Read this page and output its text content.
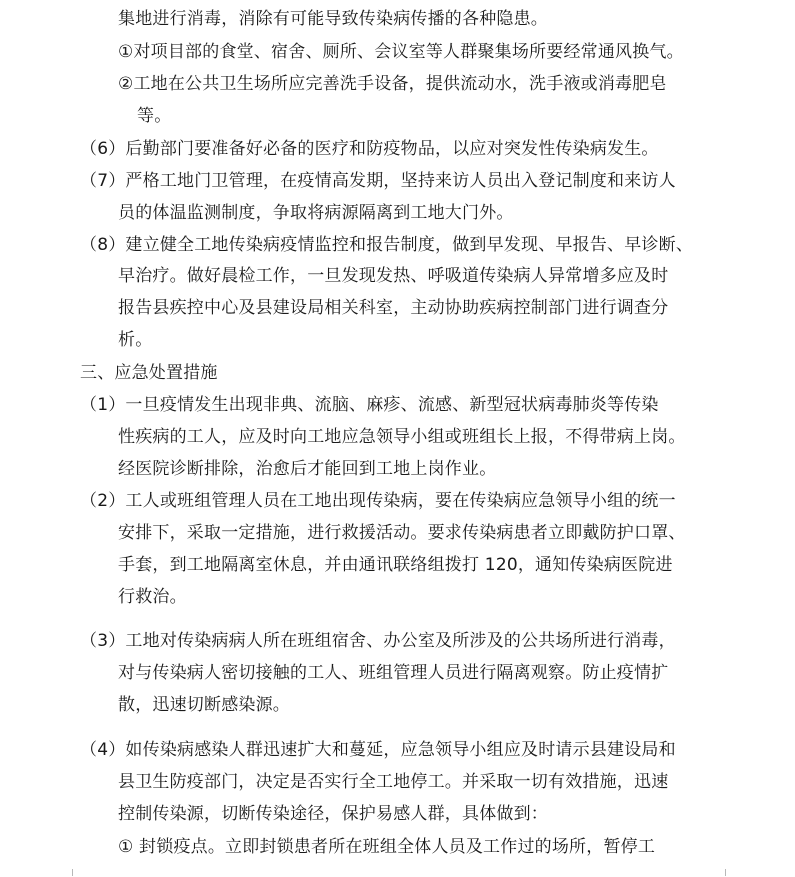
集地进行消毒，消除有可能导致传染病传播的各种隐患。
①对项目部的食堂、宿舍、厕所、会议室等人群聚集场所要经常通风换气。
②工地在公共卫生场所应完善洗手设备，提供流动水，洗手液或消毒肥皂
等。
（6）后勤部门要准备好必备的医疗和防疫物品，以应对突发性传染病发生。
（7）严格工地门卫管理，在疫情高发期，坚持来访人员出入登记制度和来访人
员的体温监测制度，争取将病源隔离到工地大门外。
（8）建立健全工地传染病疫情监控和报告制度，做到早发现、早报告、早诊断、
早治疗。做好晨检工作，一旦发现发热、呼吸道传染病人异常增多应及时
报告县疾控中心及县建设局相关科室，主动协助疾病控制部门进行调查分
析。
三、应急处置措施
（1）一旦疫情发生出现非典、流脑、麻疹、流感、新型冠状病毒肺炎等传染
性疾病的工人，应及时向工地应急领导小组或班组长上报，不得带病上岗。
经医院诊断排除，治愈后才能回到工地上岗作业。
（2）工人或班组管理人员在工地出现传染病，要在传染病应急领导小组的统一
安排下，采取一定措施，进行救援活动。要求传染病患者立即戴防护口罩、
手套，到工地隔离室休息，并由通讯联络组拨打 120，通知传染病医院进
行救治。
（3）工地对传染病病人所在班组宿舍、办公室及所涉及的公共场所进行消毒，
对与传染病人密切接触的工人、班组管理人员进行隔离观察。防止疫情扩
散，迅速切断感染源。
（4）如传染病感染人群迅速扩大和蔓延，应急领导小组应及时请示县建设局和
县卫生防疫部门，决定是否实行全工地停工。并采取一切有效措施，迅速
控制传染源，切断传染途径，保护易感人群，具体做到：
① 封锁疫点。立即封锁患者所在班组全体人员及工作过的场所，暂停工
